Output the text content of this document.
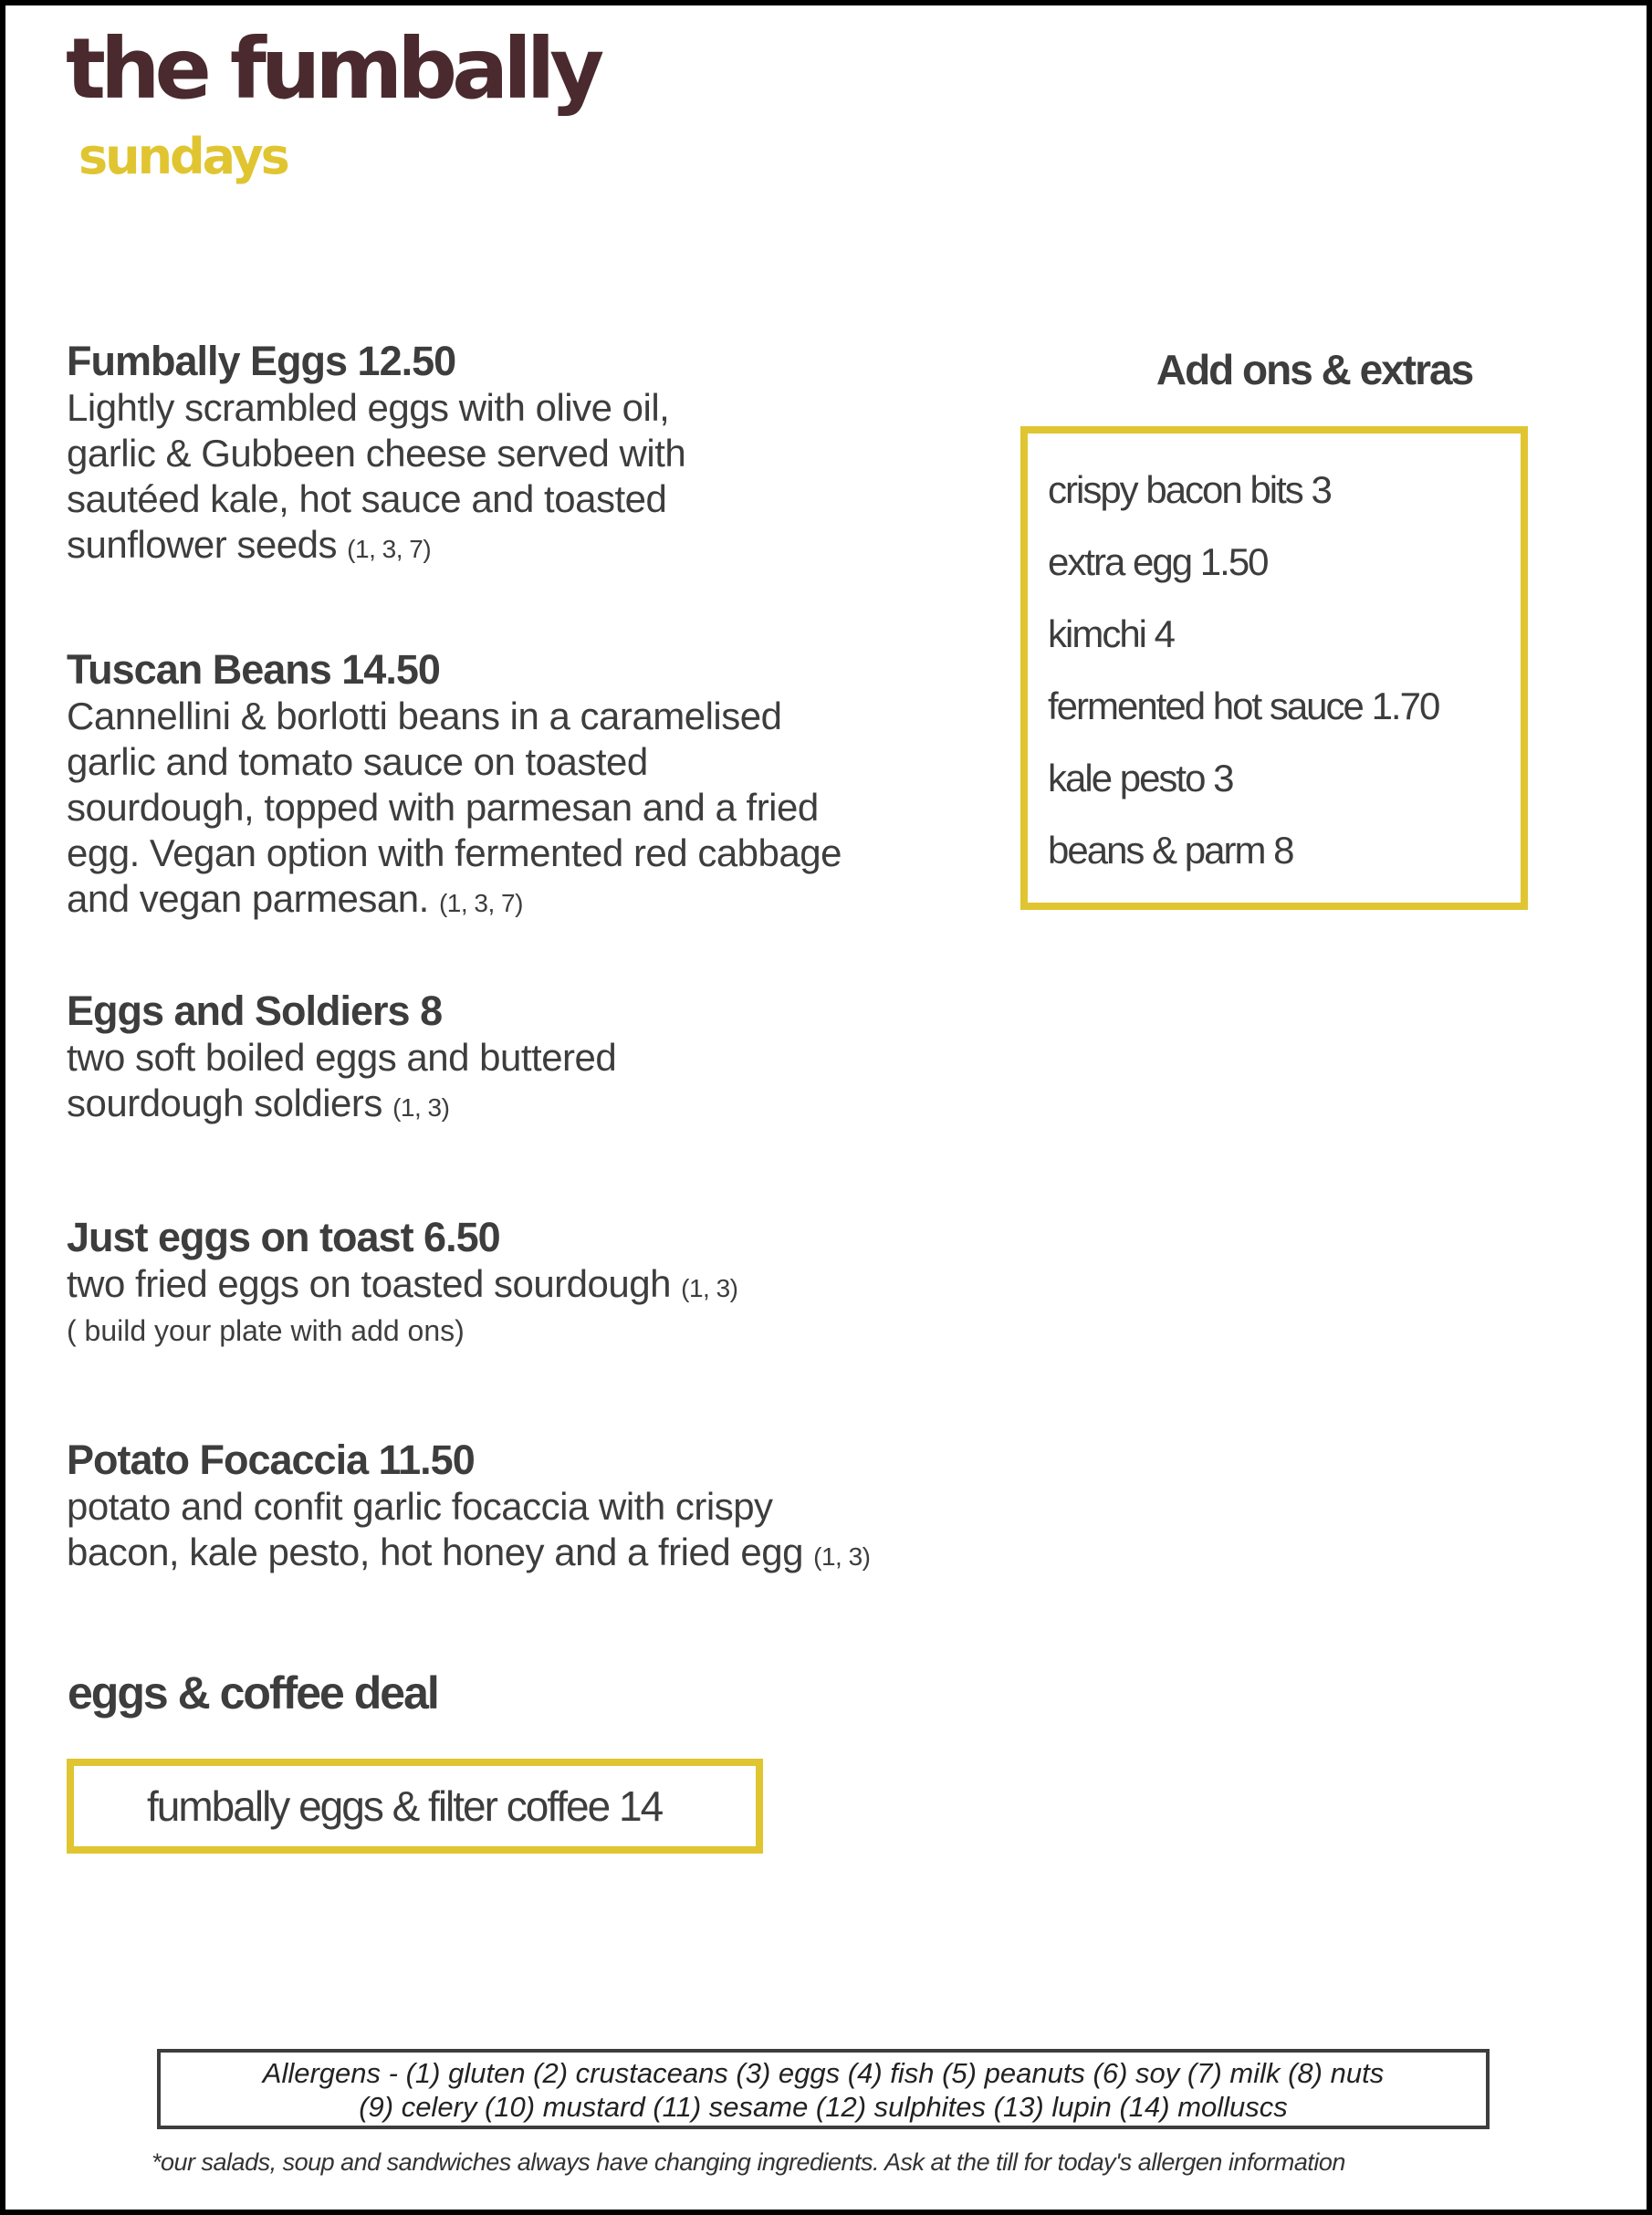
the fumbally
sundays
Fumbally Eggs 12.50

Lightly scrambled eggs with olive oil,
garlic & Gubbeen cheese served with
sautéed kale, hot sauce and toasted
sunflower seeds (1, 3, 7)

Tuscan Beans 14.50

Cannellini & borlotti beans in a caramelised
garlic and tomato sauce on toasted
sourdough, topped with parmesan and a fried
egg. Vegan option with fermented red cabbage
and vegan parmesan. (1, 3, 7)

Eggs and Soldiers 8

two soft boiled eggs and buttered
sourdough soldiers (1, 3)

Just eggs on toast 6.50

two fried eggs on toasted sourdough (1, 3)

( build your plate with add ons)
Potato Focaccia 11.50

potato and confit garlic focaccia with crispy
bacon, kale pesto, hot honey and a fried egg (1, 3)

Add ons & extras
crispy bacon bits 3
extra egg 1.50
kimchi 4
fermented hot sauce 1.70
kale pesto 3
beans & parm 8
eggs & coffee deal
fumbally eggs & filter coffee 14
Allergens - (1) gluten (2) crustaceans (3) eggs (4) fish (5) peanuts (6) soy (7) milk (8) nuts
(9) celery (10) mustard (11) sesame (12) sulphites (13) lupin (14) molluscs
*our salads, soup and sandwiches always have changing ingredients. Ask at the till for today's allergen information
